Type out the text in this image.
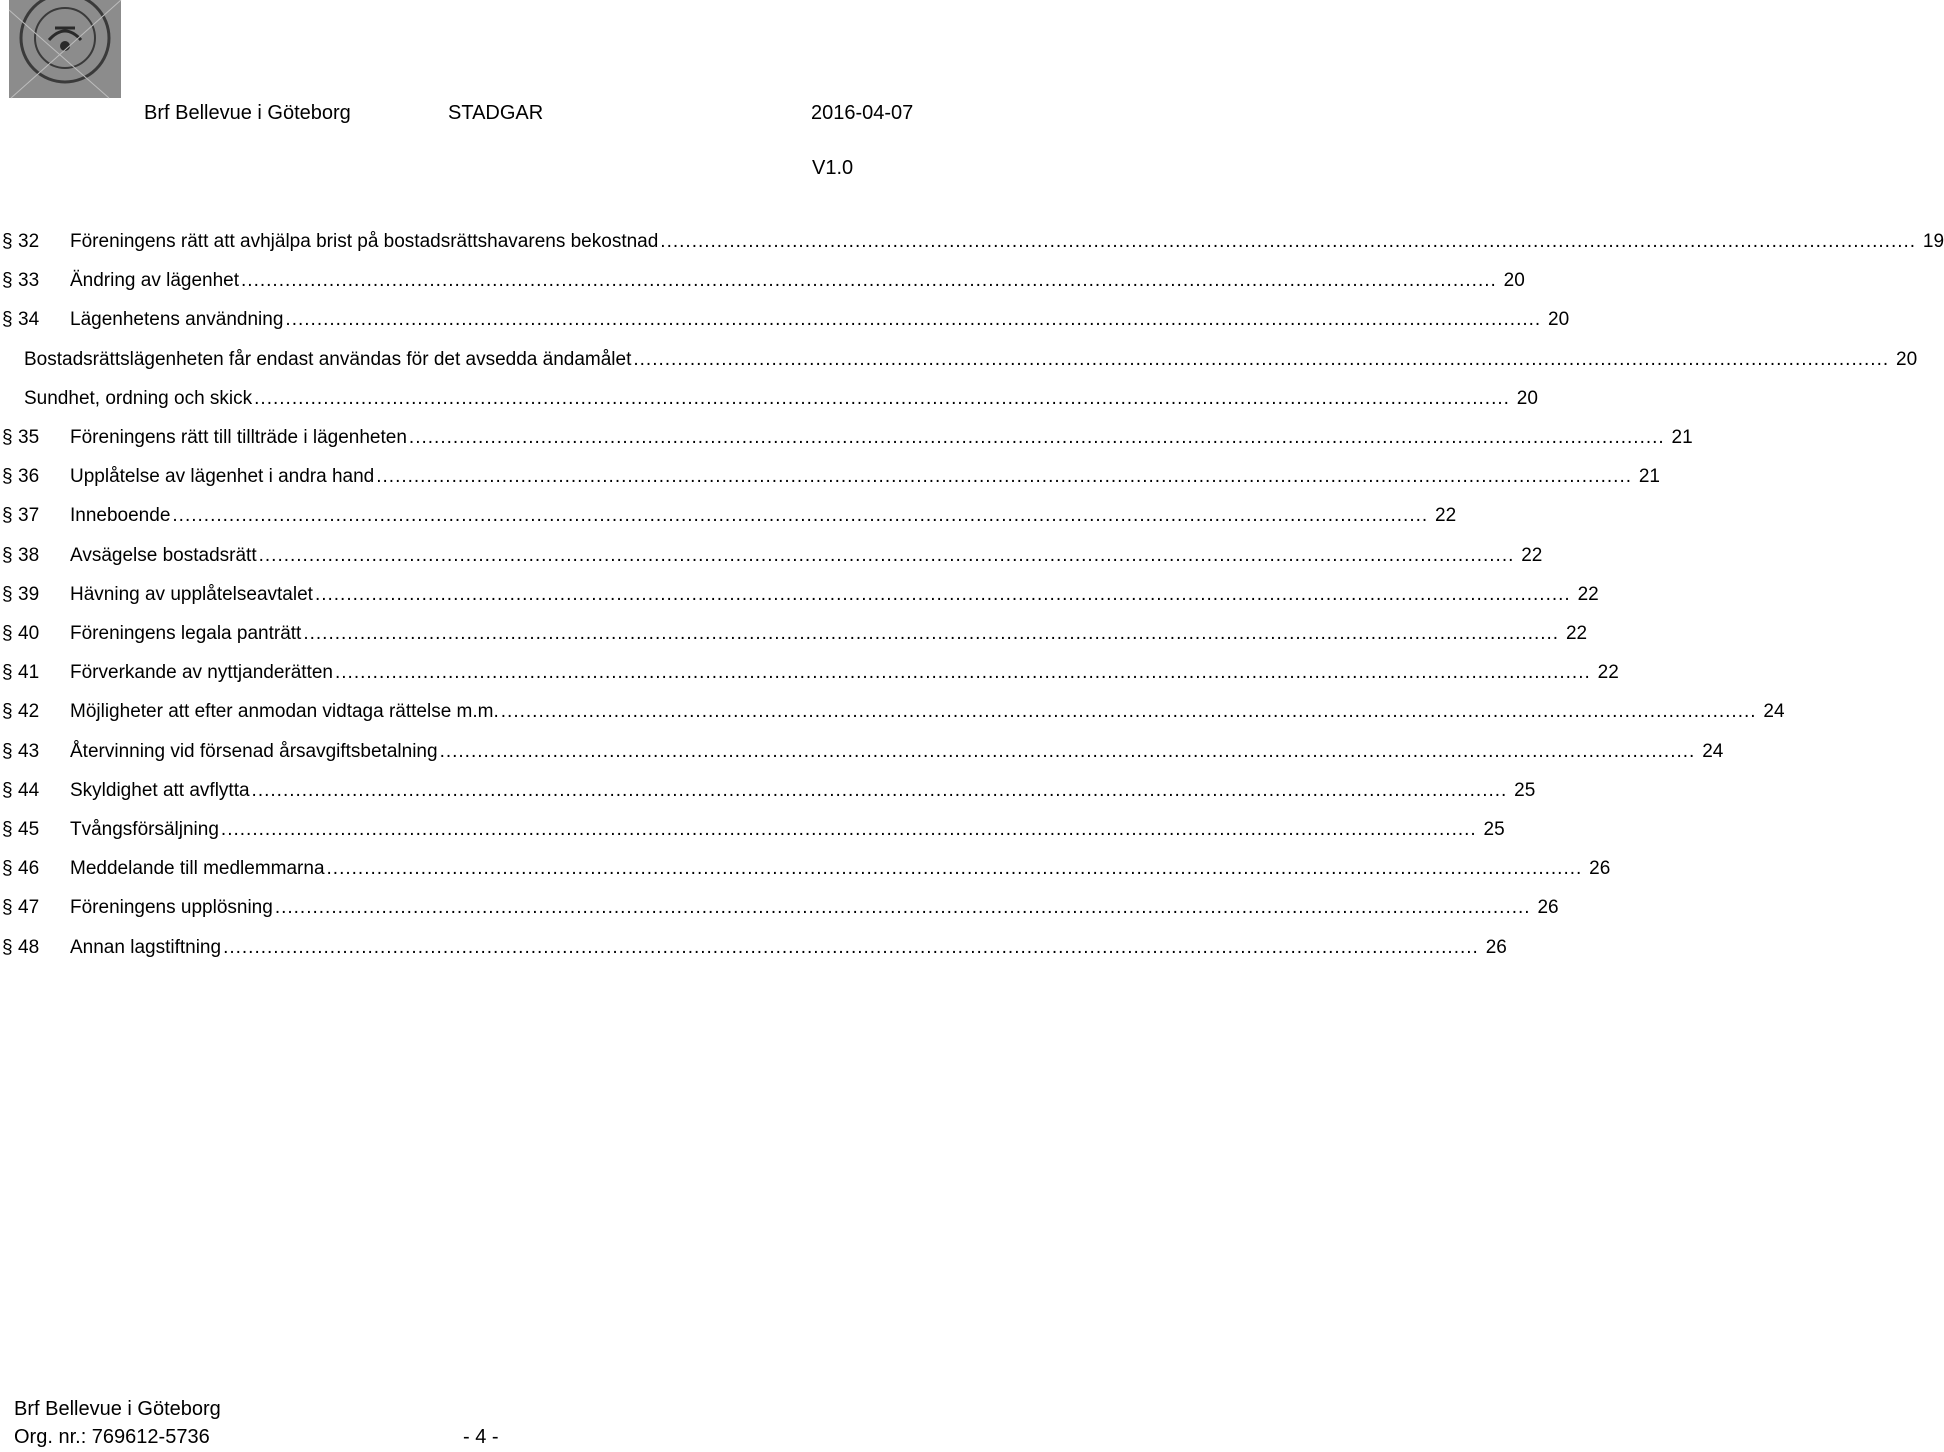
Brf Bellevue i Göteborg	STADGAR	2016-04-07
V1.0
§ 32 Föreningens rätt att avhjälpa brist på bostadsrättshavarens bekostnad ........................................................................................................................................................................................................ 19
§ 33 Ändring av lägenhet ........................................................................................................................................................................................................ 20
§ 34 Lägenhetens användning ........................................................................................................................................................................................................ 20
Bostadsrättslägenheten får endast användas för det avsedda ändamålet ........................................................................................................................................................................................................ 20
Sundhet, ordning och skick ........................................................................................................................................................................................................ 20
§ 35 Föreningens rätt till tillträde i lägenheten ........................................................................................................................................................................................................ 21
§ 36 Upplåtelse av lägenhet i andra hand ........................................................................................................................................................................................................ 21
§ 37 Inneboende ........................................................................................................................................................................................................ 22
§ 38 Avsägelse bostadsrätt ........................................................................................................................................................................................................ 22
§ 39 Hävning av upplåtelseavtalet ........................................................................................................................................................................................................ 22
§ 40 Föreningens legala panträtt ........................................................................................................................................................................................................ 22
§ 41 Förverkande av nyttjanderätten ........................................................................................................................................................................................................ 22
§ 42 Möjligheter att efter anmodan vidtaga rättelse m.m. ........................................................................................................................................................................................................ 24
§ 43 Återvinning vid försenad årsavgiftsbetalning ........................................................................................................................................................................................................ 24
§ 44 Skyldighet att avflytta ........................................................................................................................................................................................................ 25
§ 45 Tvångsförsäljning ........................................................................................................................................................................................................ 25
§ 46 Meddelande till medlemmarna ........................................................................................................................................................................................................ 26
§ 47 Föreningens upplösning ........................................................................................................................................................................................................ 26
§ 48 Annan lagstiftning ........................................................................................................................................................................................................ 26
Brf Bellevue i Göteborg
Org. nr.: 769612-5736	- 4 -
